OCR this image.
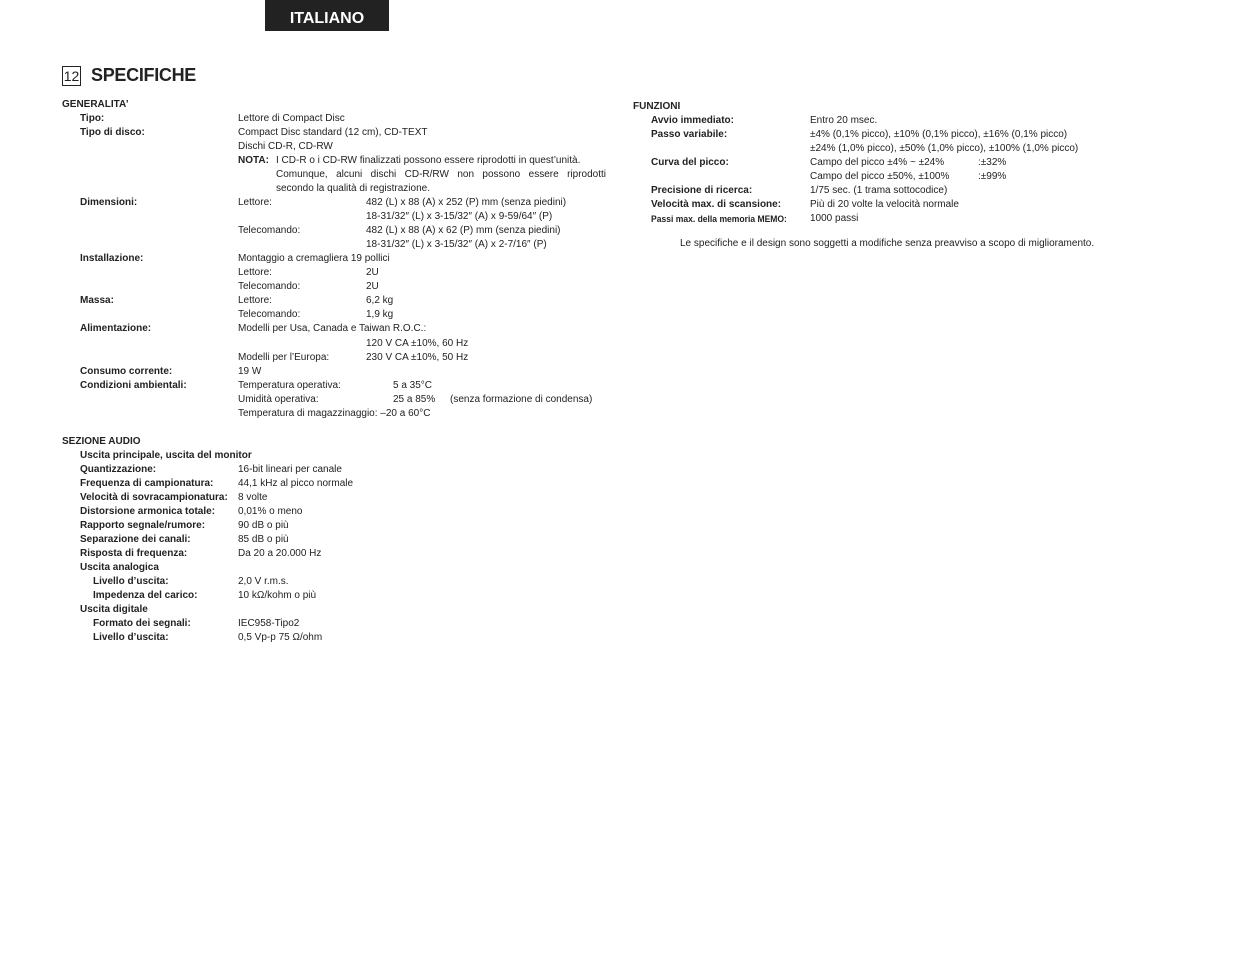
ITALIANO
12 SPECIFICHE
GENERALITA’
Tipo:	Lettore di Compact Disc
Tipo di disco:	Compact Disc standard (12 cm), CD-TEXT
Dischi CD-R, CD-RW
NOTA: I CD-R o i CD-RW finalizzati possono essere riprodotti in quest’unità.
Comunque, alcuni dischi CD-R/RW non possono essere riprodotti
secondo la qualità di registrazione.
Dimensioni:	Lettore:	482 (L) x 88 (A) x 252 (P) mm (senza piedini)
18-31/32″ (L) x 3-15/32″ (A) x 9-59/64″ (P)
Telecomando:	482 (L) x 88 (A) x 62 (P) mm (senza piedini)
18-31/32″ (L) x 3-15/32″ (A) x 2-7/16″ (P)
Installazione:	Montaggio a cremagliera 19 pollici
Lettore:	2U
Telecomando:	2U
Massa:	Lettore:	6,2 kg
Telecomando:	1,9 kg
Alimentazione:	Modelli per Usa, Canada e Taiwan R.O.C.:
120 V CA ±10%, 60 Hz
Modelli per l’Europa:	230 V CA ±10%, 50 Hz
Consumo corrente:	19 W
Condizioni ambientali:	Temperatura operativa:	5 a 35°C
Umidità operativa:	25 a 85% (senza formazione di condensa)
Temperatura di magazzinaggio: –20 a 60°C
SEZIONE AUDIO
Uscita principale, uscita del monitor
Quantizzazione:	16-bit lineari per canale
Frequenza di campionatura: 44,1 kHz al picco normale
Velocità di sovracampionatura: 8 volte
Distorsione armonica totale: 0,01% o meno
Rapporto segnale/rumore:	90 dB o più
Separazione dei canali:	85 dB o più
Risposta di frequenza:	Da 20 a 20.000 Hz
Uscita analogica
Livello d’uscita:	2,0 V r.m.s.
Impedenza del carico:	10 kΩ/kohm o più
Uscita digitale
Formato dei segnali:	IEC958-Tipo2
Livello d’uscita:	0,5 Vp-p 75 Ω/ohm
FUNZIONI
Avvio immediato:	Entro 20 msec.
Passo variabile:	±4% (0,1% picco), ±10% (0,1% picco), ±16% (0,1% picco)
±24% (1,0% picco), ±50% (1,0% picco), ±100% (1,0% picco)
Curva del picco:	Campo del picco ±4% ~ ±24%	:±32%
Campo del picco ±50%, ±100%	:±99%
Precisione di ricerca:	1/75 sec. (1 trama sottocodice)
Velocità max. di scansione:	Più di 20 volte la velocità normale
Passi max. della memoria MEMO: 1000 passi
Le specifiche e il design sono soggetti a modifiche senza preavviso a scopo di miglioramento.
